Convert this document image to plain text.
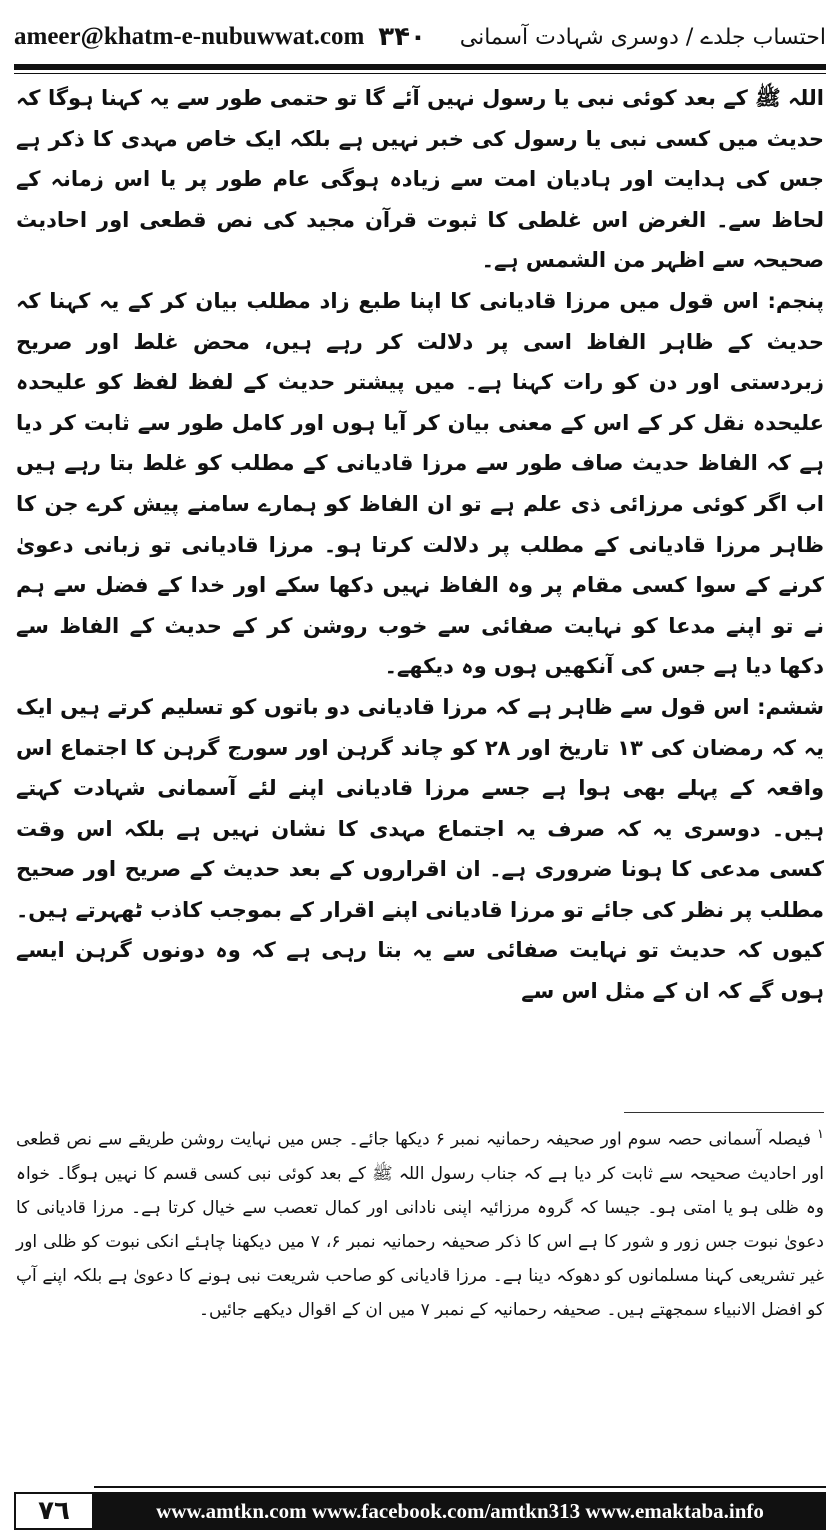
ameer@khatm-e-nubuwwat.com ۳۴۰ احتساب جلدے / دوسری شہادت آسمانی

اللہ ﷺ کے بعد کوئی نبی یا رسول نہیں آئے گا تو حتمی طور سے یہ کہنا ہوگا کہ حدیث میں کسی نبی یا رسول کی خبر نہیں ہے بلکہ ایک خاص مہدی کا ذکر ہے جس کی ہدایت اور ہادیان امت سے زیادہ ہوگی عام طور پر یا اس زمانہ کے لحاظ سے۔ الغرض اس غلطی کا ثبوت قرآن مجید کی نص قطعی اور احادیث صحیحہ سے اظہر من الشمس ہے۔

پنجم: اس قول میں مرزا قادیانی کا اپنا طبع زاد مطلب بیان کر کے یہ کہنا کہ حدیث کے ظاہر الفاظ اسی پر دلالت کر رہے ہیں، محض غلط اور صریح زبردستی اور دن کو رات کہنا ہے۔ میں پیشتر حدیث کے لفظ لفظ کو علیحدہ علیحدہ نقل کر کے اس کے معنی بیان کر آیا ہوں اور کامل طور سے ثابت کر دیا ہے کہ الفاظ حدیث صاف طور سے مرزا قادیانی کے مطلب کو غلط بتا رہے ہیں اب اگر کوئی مرزائی ذی علم ہے تو ان الفاظ کو ہمارے سامنے پیش کرے جن کا ظاہر مرزا قادیانی کے مطلب پر دلالت کرتا ہو۔ مرزا قادیانی تو زبانی دعویٰ کرنے کے سوا کسی مقام پر وہ الفاظ نہیں دکھا سکے اور خدا کے فضل سے ہم نے تو اپنے مدعا کو نہایت صفائی سے خوب روشن کر کے حدیث کے الفاظ سے دکھا دیا ہے جس کی آنکھیں ہوں وہ دیکھے۔

ششم: اس قول سے ظاہر ہے کہ مرزا قادیانی دو باتوں کو تسلیم کرتے ہیں ایک یہ کہ رمضان کی ۱۳ تاریخ اور ۲۸ کو چاند گرہن اور سورج گرہن کا اجتماع اس واقعہ کے پہلے بھی ہوا ہے جسے مرزا قادیانی اپنے لئے آسمانی شہادت کہتے ہیں۔ دوسری یہ کہ صرف یہ اجتماع مہدی کا نشان نہیں ہے بلکہ اس وقت کسی مدعی کا ہونا ضروری ہے۔ ان اقراروں کے بعد حدیث کے صریح اور صحیح مطلب پر نظر کی جائے تو مرزا قادیانی اپنے اقرار کے بموجب کاذب ٹھہرتے ہیں۔ کیوں کہ حدیث تو نہایت صفائی سے یہ بتا رہی ہے کہ وہ دونوں گرہن ایسے ہوں گے کہ ان کے مثل اس سے

$^۱$ فیصلہ آسمانی حصہ سوم اور صحیفہ رحمانیہ نمبر ۶ دیکھا جائے۔ جس میں نہایت روشن طریقے سے نص قطعی اور احادیث صحیحہ سے ثابت کر دیا ہے کہ جناب رسول اللہ ﷺ کے بعد کوئی نبی کسی قسم کا نہیں ہوگا۔ خواہ وہ ظلی ہو یا امتی ہو۔ جیسا کہ گروہ مرزائیہ اپنی نادانی اور کمال تعصب سے خیال کرتا ہے۔ مرزا قادیانی کا دعویٰ نبوت جس زور و شور کا ہے اس کا ذکر صحیفہ رحمانیہ نمبر ۶، ۷ میں دیکھنا چاہئے انکی نبوت کو ظلی اور غیر تشریعی کہنا مسلمانوں کو دھوکہ دینا ہے۔ مرزا قادیانی کو صاحب شریعت نبی ہونے کا دعویٰ ہے بلکہ اپنے آپ کو افضل الانبیاء سمجھتے ہیں۔ صحیفہ رحمانیہ کے نمبر ۷ میں ان کے اقوال دیکھے جائیں۔

۷٦	www.amtkn.com www.facebook.com/amtkn313 www.emaktaba.info
